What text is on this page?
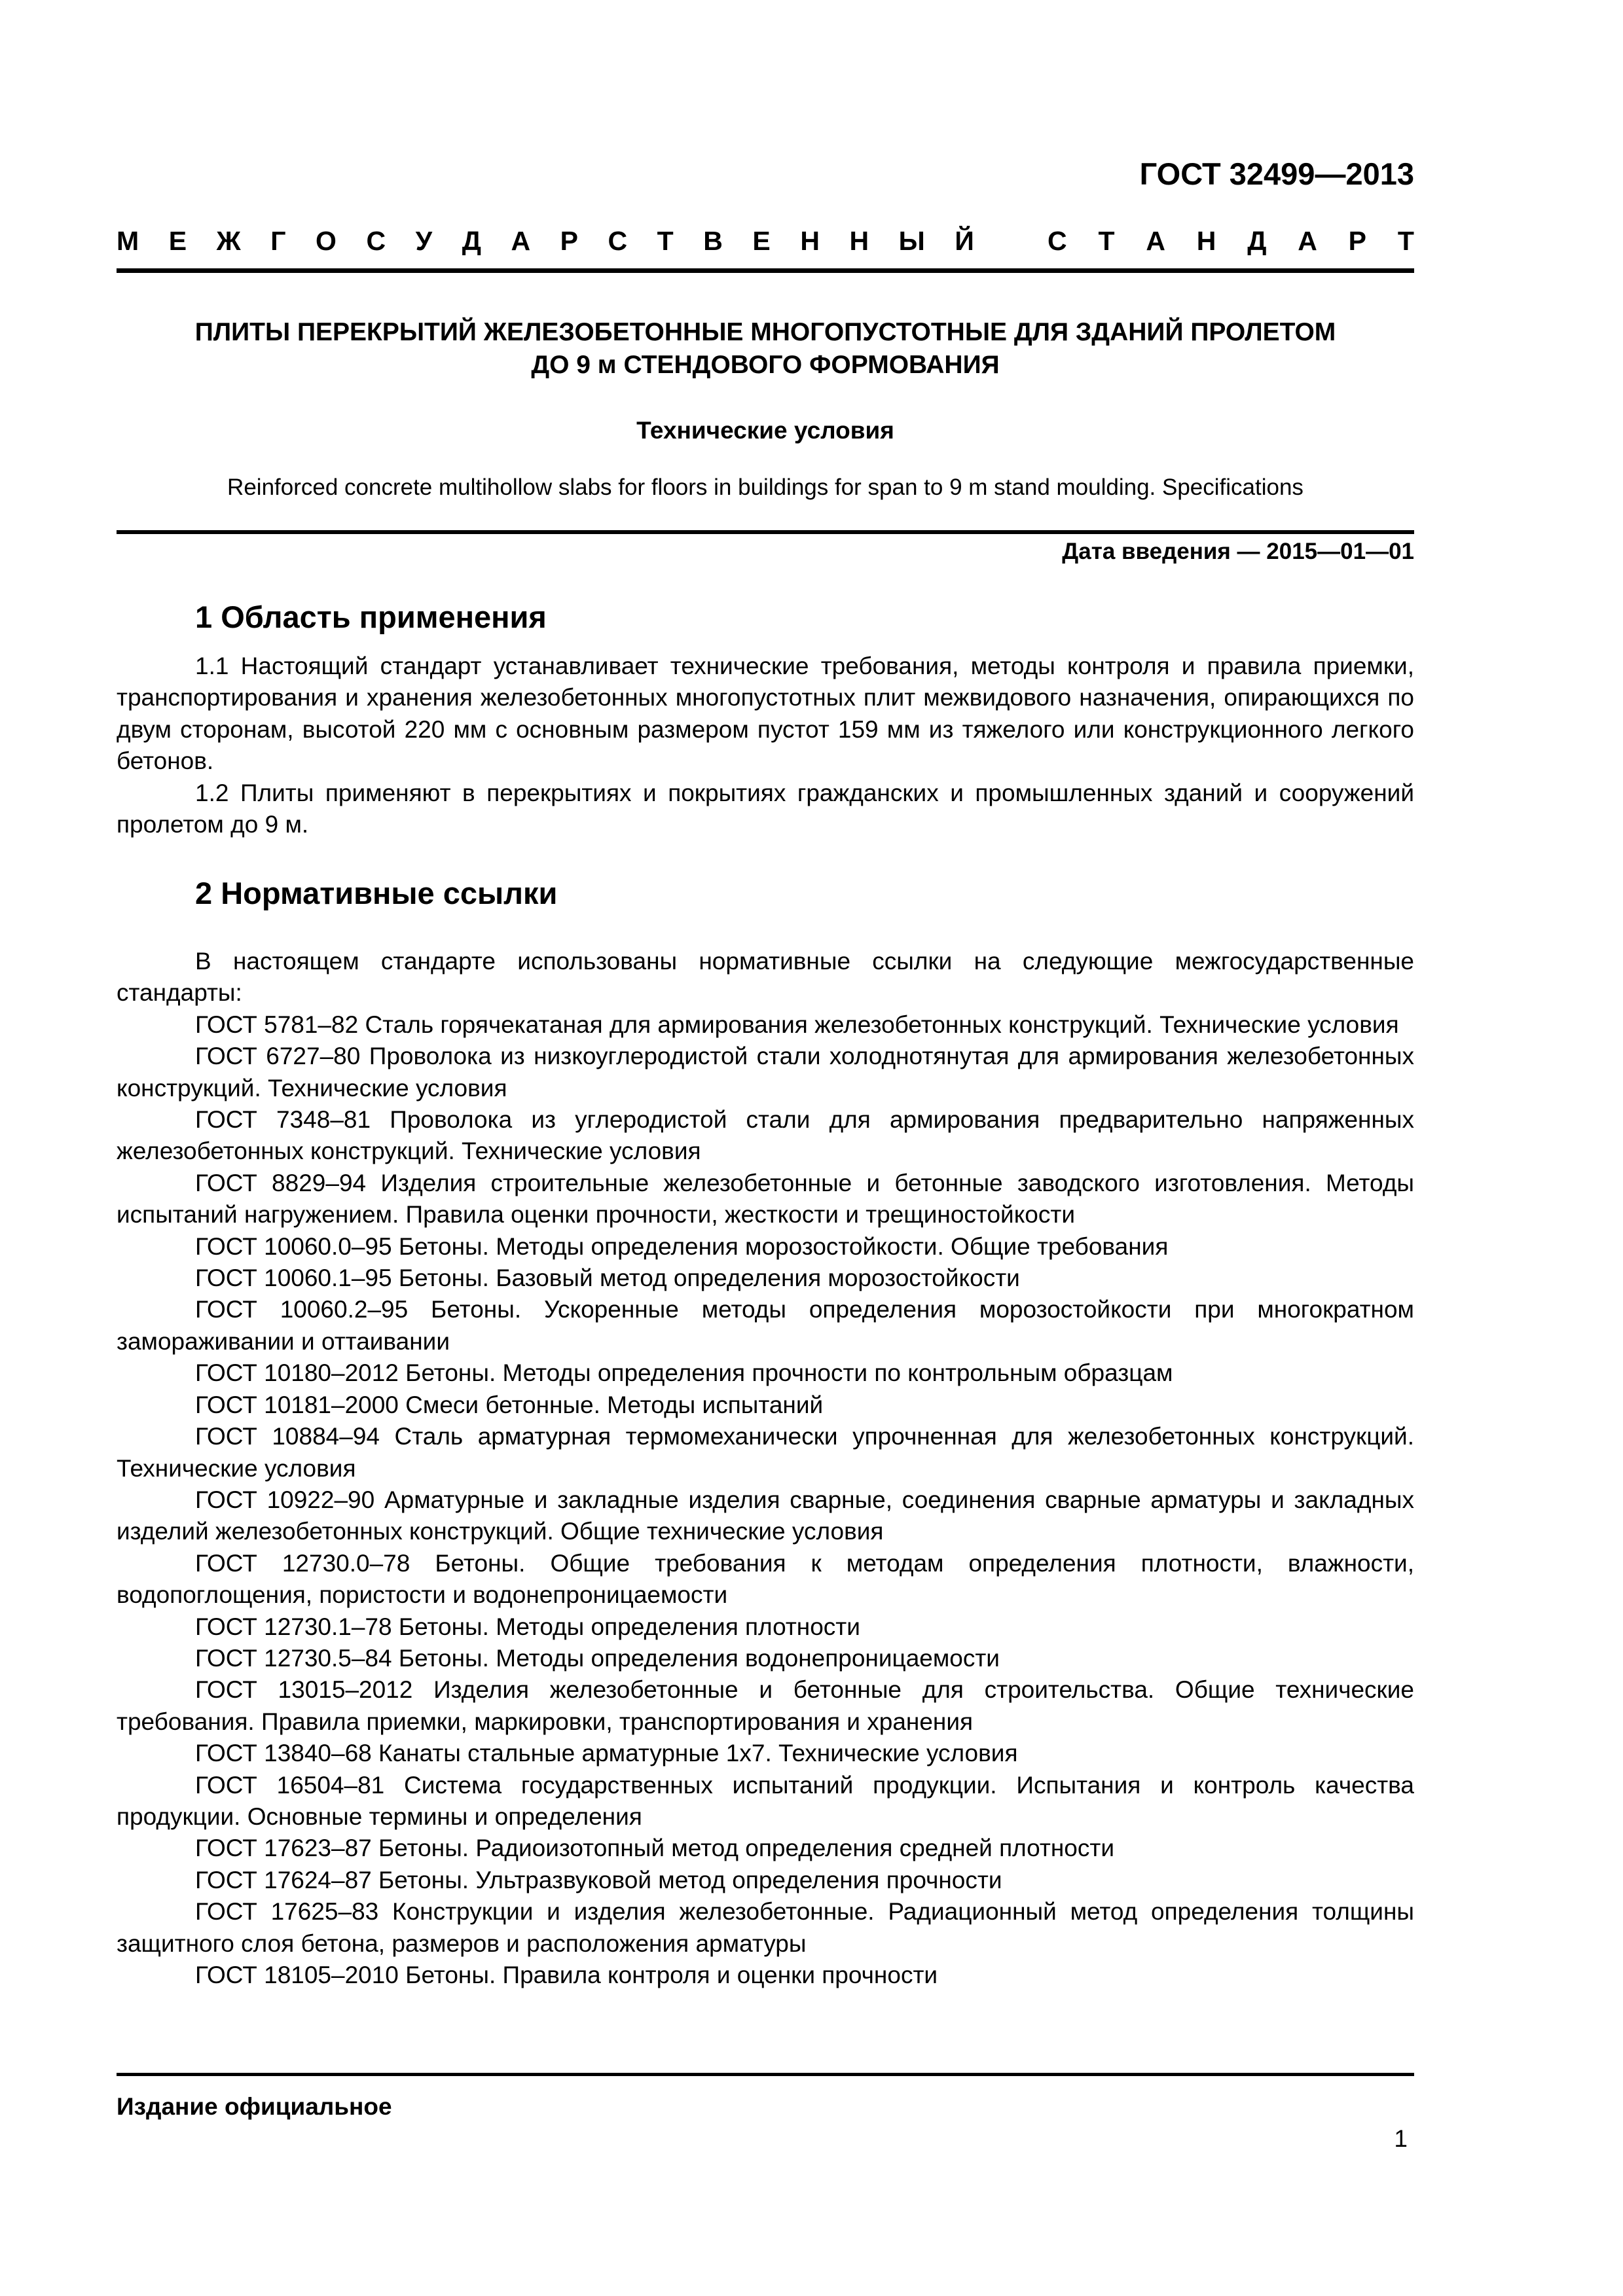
ГОСТ 32499—2013
М Е Ж Г О С У Д А Р С Т В Е Н Н Ы Й	С Т А Н Д А Р Т
ПЛИТЫ ПЕРЕКРЫТИЙ ЖЕЛЕЗОБЕТОННЫЕ МНОГОПУСТОТНЫЕ ДЛЯ ЗДАНИЙ ПРОЛЕТОМ
ДО 9 м СТЕНДОВОГО ФОРМОВАНИЯ
Технические условия
Reinforced concrete multihollow slabs for floors in buildings for span to 9 m stand moulding. Specifications
Дата введения — 2015—01—01
1 Область применения

1.1 Настоящий стандарт устанавливает технические требования, методы контроля и правила приемки, транспортирования и хранения железобетонных многопустотных плит межвидового назначения, опирающихся по двум сторонам, высотой 220 мм с основным размером пустот 159 мм из тяжелого или конструкционного легкого бетонов.

1.2 Плиты применяют в перекрытиях и покрытиях гражданских и промышленных зданий и сооружений пролетом до 9 м.

2 Нормативные ссылки

В настоящем стандарте использованы нормативные ссылки на следующие межгосударственные стандарты:

ГОСТ 5781–82 Сталь горячекатаная для армирования железобетонных конструкций. Технические условия

ГОСТ 6727–80 Проволока из низкоуглеродистой стали холоднотянутая для армирования железобетонных конструкций. Технические условия

ГОСТ 7348–81 Проволока из углеродистой стали для армирования предварительно напряженных железобетонных конструкций. Технические условия

ГОСТ 8829–94 Изделия строительные железобетонные и бетонные заводского изготовления. Методы испытаний нагружением. Правила оценки прочности, жесткости и трещиностойкости

ГОСТ 10060.0–95 Бетоны. Методы определения морозостойкости. Общие требования

ГОСТ 10060.1–95 Бетоны. Базовый метод определения морозостойкости

ГОСТ 10060.2–95 Бетоны. Ускоренные методы определения морозостойкости при многократном замораживании и оттаивании

ГОСТ 10180–2012 Бетоны. Методы определения прочности по контрольным образцам

ГОСТ 10181–2000 Смеси бетонные. Методы испытаний

ГОСТ 10884–94 Сталь арматурная термомеханически упрочненная для железобетонных конструкций. Технические условия

ГОСТ 10922–90 Арматурные и закладные изделия сварные, соединения сварные арматуры и закладных изделий железобетонных конструкций. Общие технические условия

ГОСТ 12730.0–78 Бетоны. Общие требования к методам определения плотности, влажности, водопоглощения, пористости и водонепроницаемости

ГОСТ 12730.1–78 Бетоны. Методы определения плотности

ГОСТ 12730.5–84 Бетоны. Методы определения водонепроницаемости

ГОСТ 13015–2012 Изделия железобетонные и бетонные для строительства. Общие технические требования. Правила приемки, маркировки, транспортирования и хранения

ГОСТ 13840–68 Канаты стальные арматурные 1х7. Технические условия

ГОСТ 16504–81 Система государственных испытаний продукции. Испытания и контроль качества продукции. Основные термины и определения

ГОСТ 17623–87 Бетоны. Радиоизотопный метод определения средней плотности

ГОСТ 17624–87 Бетоны. Ультразвуковой метод определения прочности

ГОСТ 17625–83 Конструкции и изделия железобетонные. Радиационный метод определения толщины защитного слоя бетона, размеров и расположения арматуры

ГОСТ 18105–2010 Бетоны. Правила контроля и оценки прочности

Издание официальное
1
